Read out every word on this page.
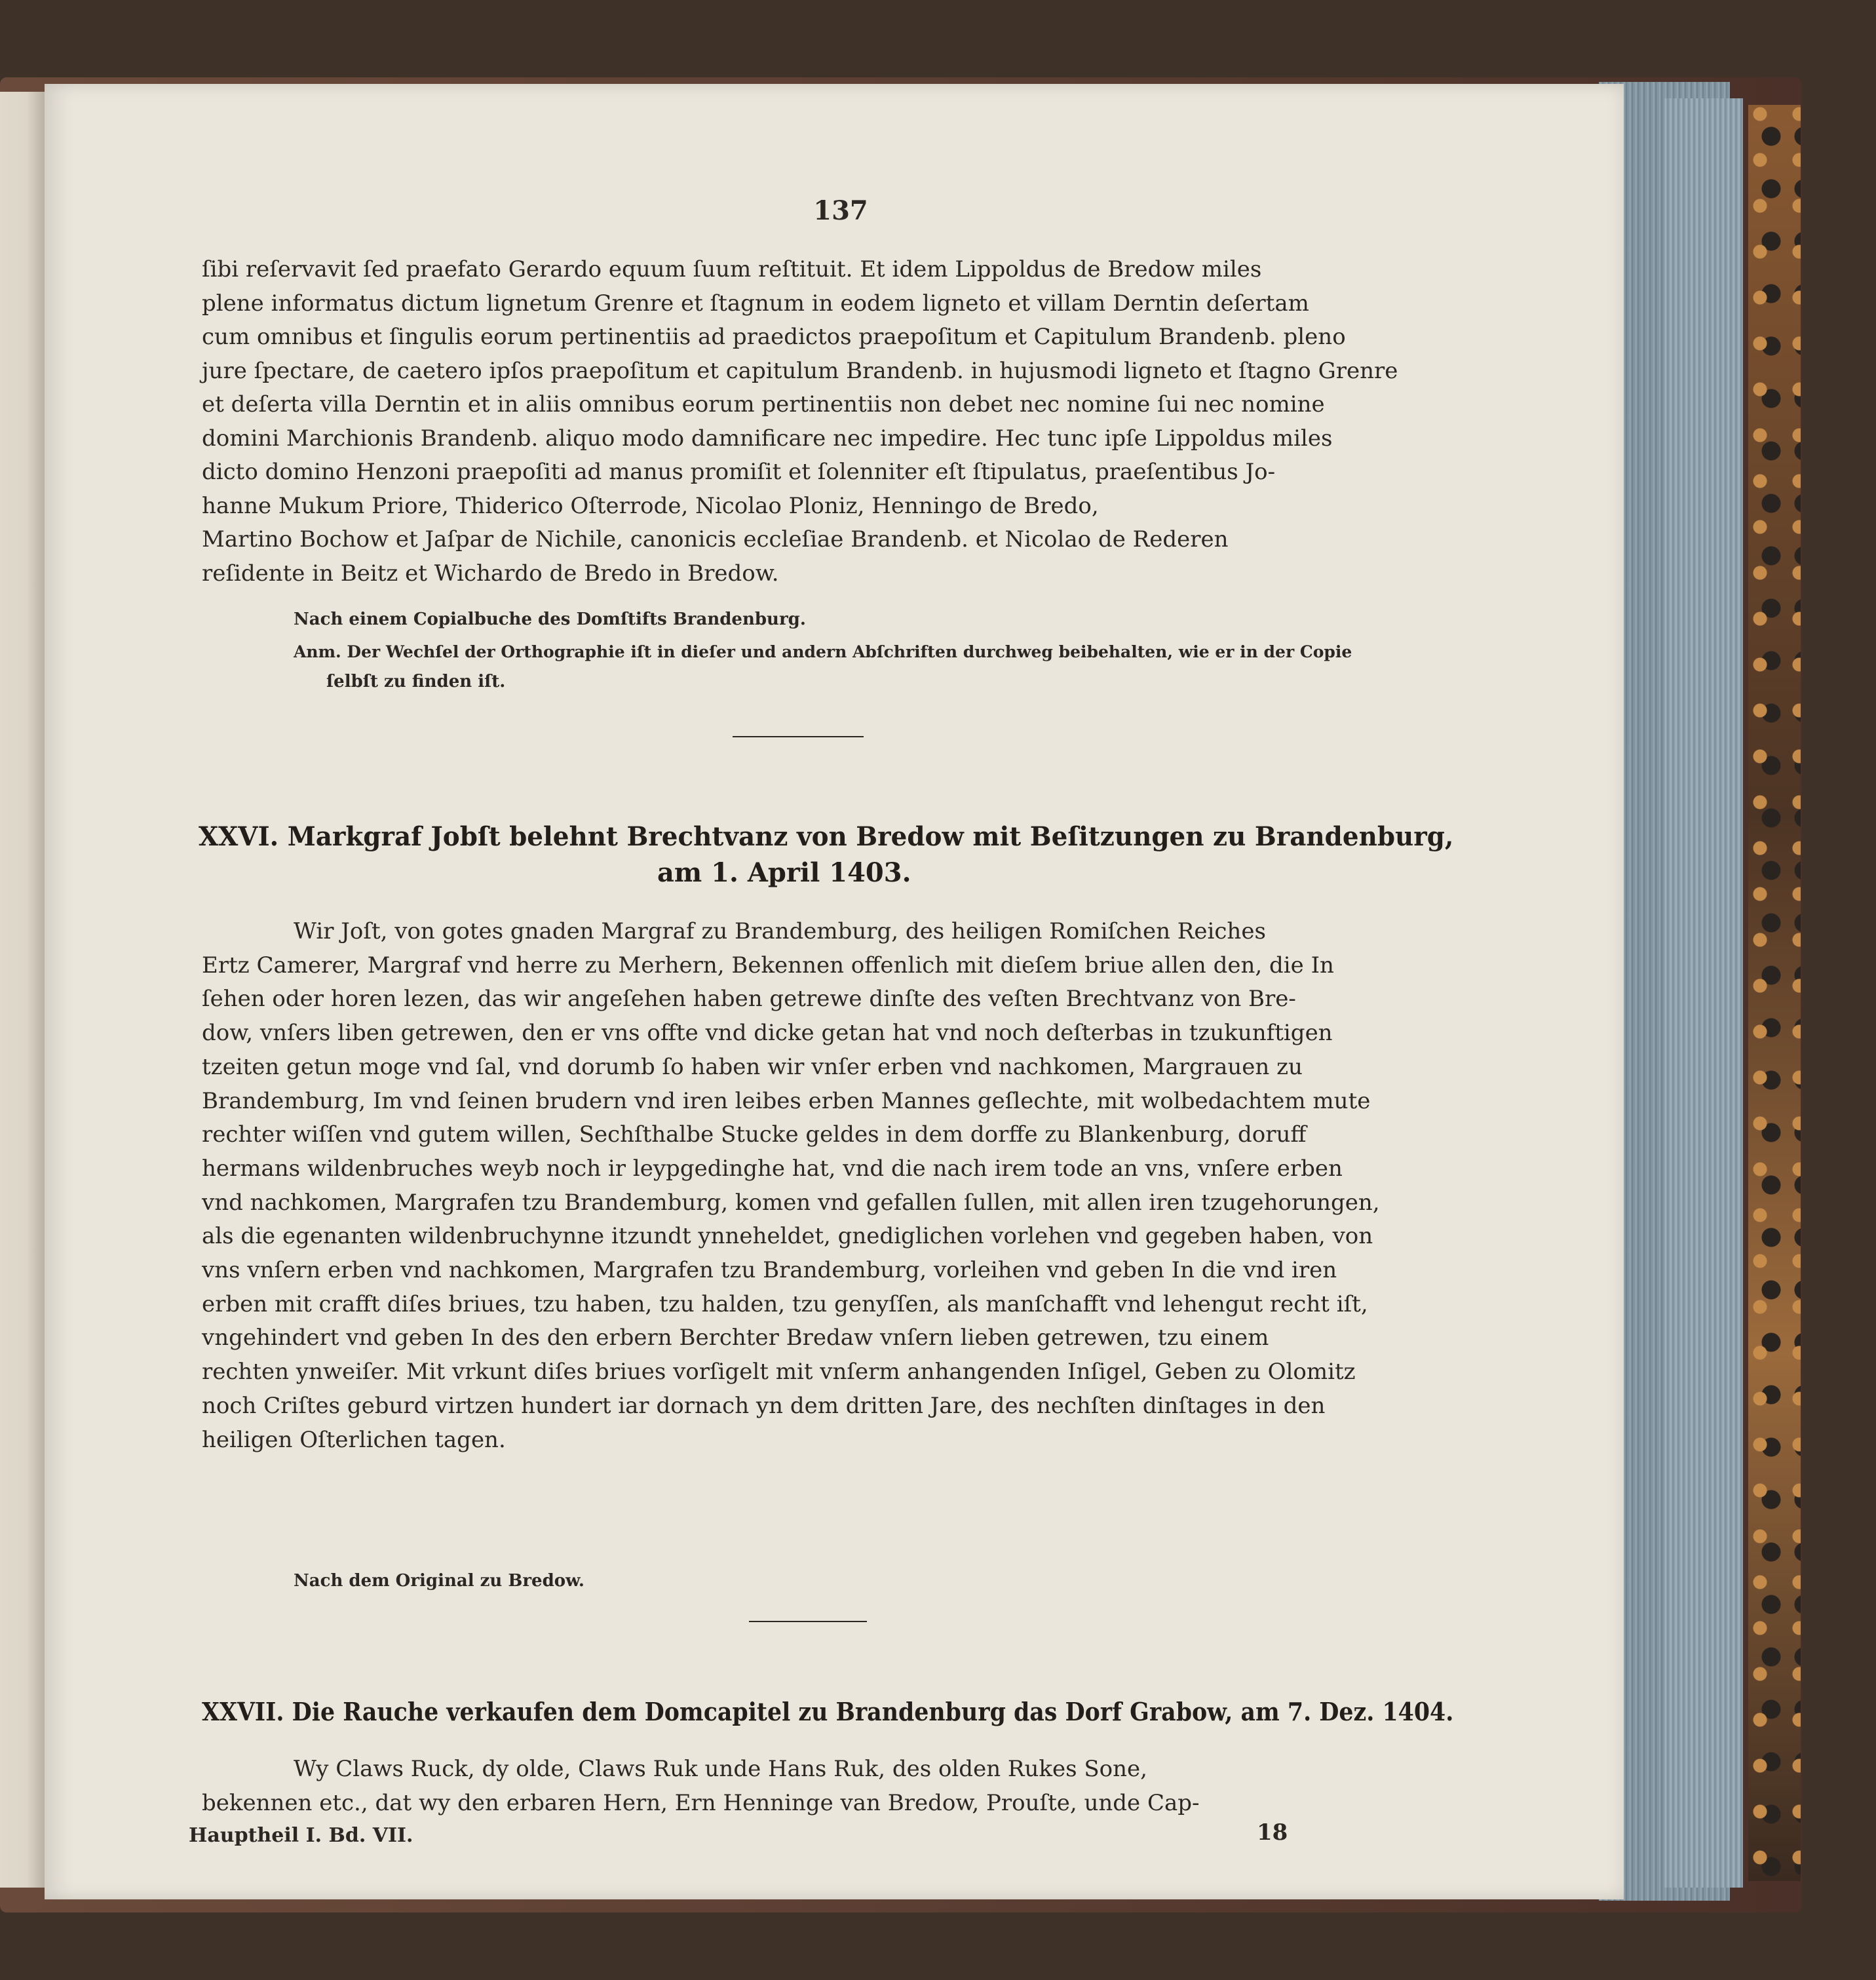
137
ſibi reſervavit ſed praefato Gerardo equum ſuum reſtituit. Et idem Lippoldus de Bredow miles
plene informatus dictum lignetum Grenre et ſtagnum in eodem ligneto et villam Derntin deſertam
cum omnibus et ſingulis eorum pertinentiis ad praedictos praepoſitum et Capitulum Brandenb. pleno
jure ſpectare, de caetero ipſos praepoſitum et capitulum Brandenb. in hujusmodi ligneto et ſtagno Grenre
et deſerta villa Derntin et in aliis omnibus eorum pertinentiis non debet nec nomine ſui nec nomine
domini Marchionis Brandenb. aliquo modo damnificare nec impedire. Hec tunc ipſe Lippoldus miles
dicto domino Henzoni praepoſiti ad manus promiſit et ſolenniter eſt ſtipulatus, praeſentibus Jo-
hanne Mukum Priore, Thiderico Oſterrode, Nicolao Ploniz, Henningo de Bredo,
Martino Bochow et Jaſpar de Nichile, canonicis eccleſiae Brandenb. et Nicolao de Rederen
reſidente in Beitz et Wichardo de Bredo in Bredow.
Nach einem Copialbuche des Domſtifts Brandenburg.
Anm. Der Wechſel der Orthographie iſt in dieſer und andern Abſchriften durchweg beibehalten, wie er in der Copie
ſelbſt zu finden iſt.
XXVI. Markgraf Jobſt belehnt Brechtvanz von Bredow mit Beſitzungen zu Brandenburg,
am 1. April 1403.
Wir Joſt, von gotes gnaden Margraf zu Brandemburg, des heiligen Romiſchen Reiches
Ertz Camerer, Margraf vnd herre zu Merhern, Bekennen offenlich mit dieſem briue allen den, die In
ſehen oder horen lezen, das wir angeſehen haben getrewe dinſte des veſten Brechtvanz von Bre-
dow, vnſers liben getrewen, den er vns offte vnd dicke getan hat vnd noch deſterbas in tzukunftigen
tzeiten getun moge vnd ſal, vnd dorumb ſo haben wir vnſer erben vnd nachkomen, Margrauen zu
Brandemburg, Im vnd ſeinen brudern vnd iren leibes erben Mannes geſlechte, mit wolbedachtem mute
rechter wiſſen vnd gutem willen, Sechſthalbe Stucke geldes in dem dorffe zu Blankenburg, doruff
hermans wildenbruches weyb noch ir leypgedinghe hat, vnd die nach irem tode an vns, vnſere erben
vnd nachkomen, Margrafen tzu Brandemburg, komen vnd gefallen ſullen, mit allen iren tzugehorungen,
als die egenanten wildenbruchynne itzundt ynneheldet, gnediglichen vorlehen vnd gegeben haben, von
vns vnſern erben vnd nachkomen, Margrafen tzu Brandemburg, vorleihen vnd geben In die vnd iren
erben mit crafft diſes briues, tzu haben, tzu halden, tzu genyſſen, als manſchafft vnd lehengut recht iſt,
vngehindert vnd geben In des den erbern Berchter Bredaw vnſern lieben getrewen, tzu einem
rechten ynweiſer. Mit vrkunt diſes briues vorſigelt mit vnſerm anhangenden Inſigel, Geben zu Olomitz
noch Criſtes geburd virtzen hundert iar dornach yn dem dritten Jare, des nechſten dinſtages in den
heiligen Oſterlichen tagen.
Nach dem Original zu Bredow.
XXVII. Die Rauche verkaufen dem Domcapitel zu Brandenburg das Dorf Grabow, am 7. Dez. 1404.
Wy Claws Ruck, dy olde, Claws Ruk unde Hans Ruk, des olden Rukes Sone,
bekennen etc., dat wy den erbaren Hern, Ern Henninge van Bredow, Prouſte, unde Cap-
Hauptheil I. Bd. VII.	18
